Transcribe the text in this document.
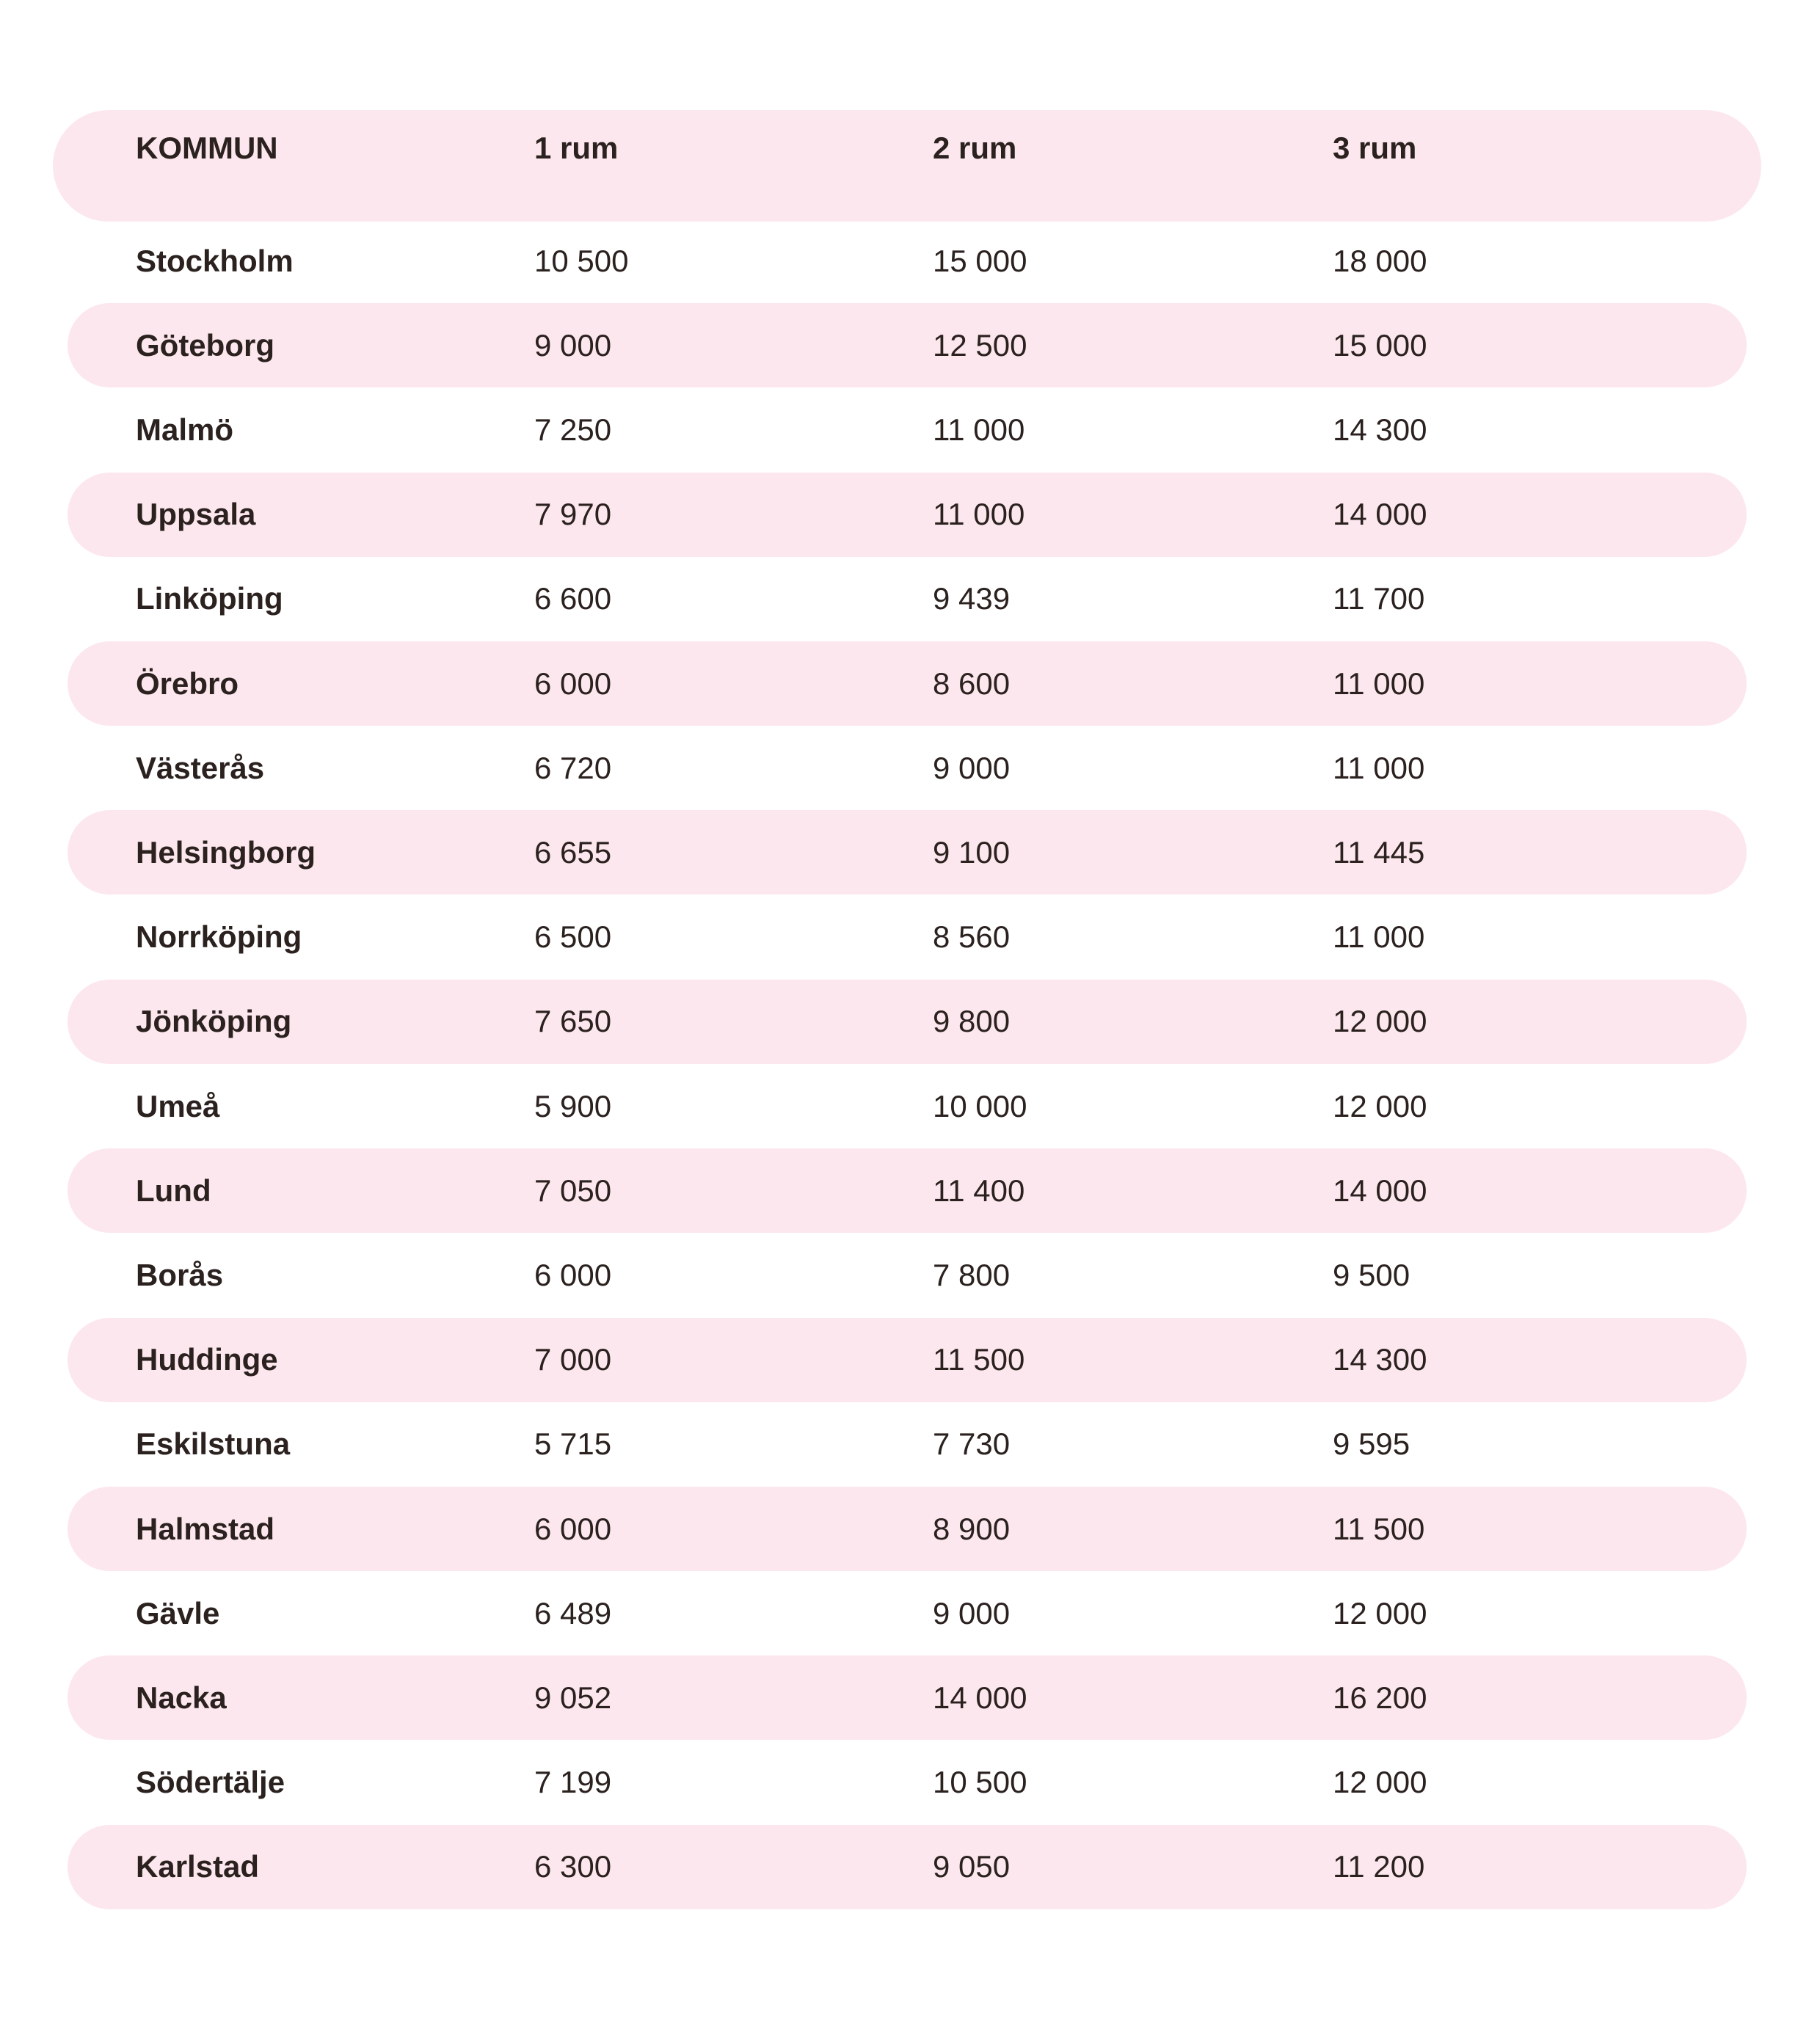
KOMMUN	1 rum	2 rum	3 rum
Stockholm	10 500	15 000	18 000
Göteborg	9 000	12 500	15 000
Malmö	7 250	11 000	14 300
Uppsala	7 970	11 000	14 000
Linköping	6 600	9 439	11 700
Örebro	6 000	8 600	11 000
Västerås	6 720	9 000	11 000
Helsingborg	6 655	9 100	11 445
Norrköping	6 500	8 560	11 000
Jönköping	7 650	9 800	12 000
Umeå	5 900	10 000	12 000
Lund	7 050	11 400	14 000
Borås	6 000	7 800	9 500
Huddinge	7 000	11 500	14 300
Eskilstuna	5 715	7 730	9 595
Halmstad	6 000	8 900	11 500
Gävle	6 489	9 000	12 000
Nacka	9 052	14 000	16 200
Södertälje	7 199	10 500	12 000
Karlstad	6 300	9 050	11 200
